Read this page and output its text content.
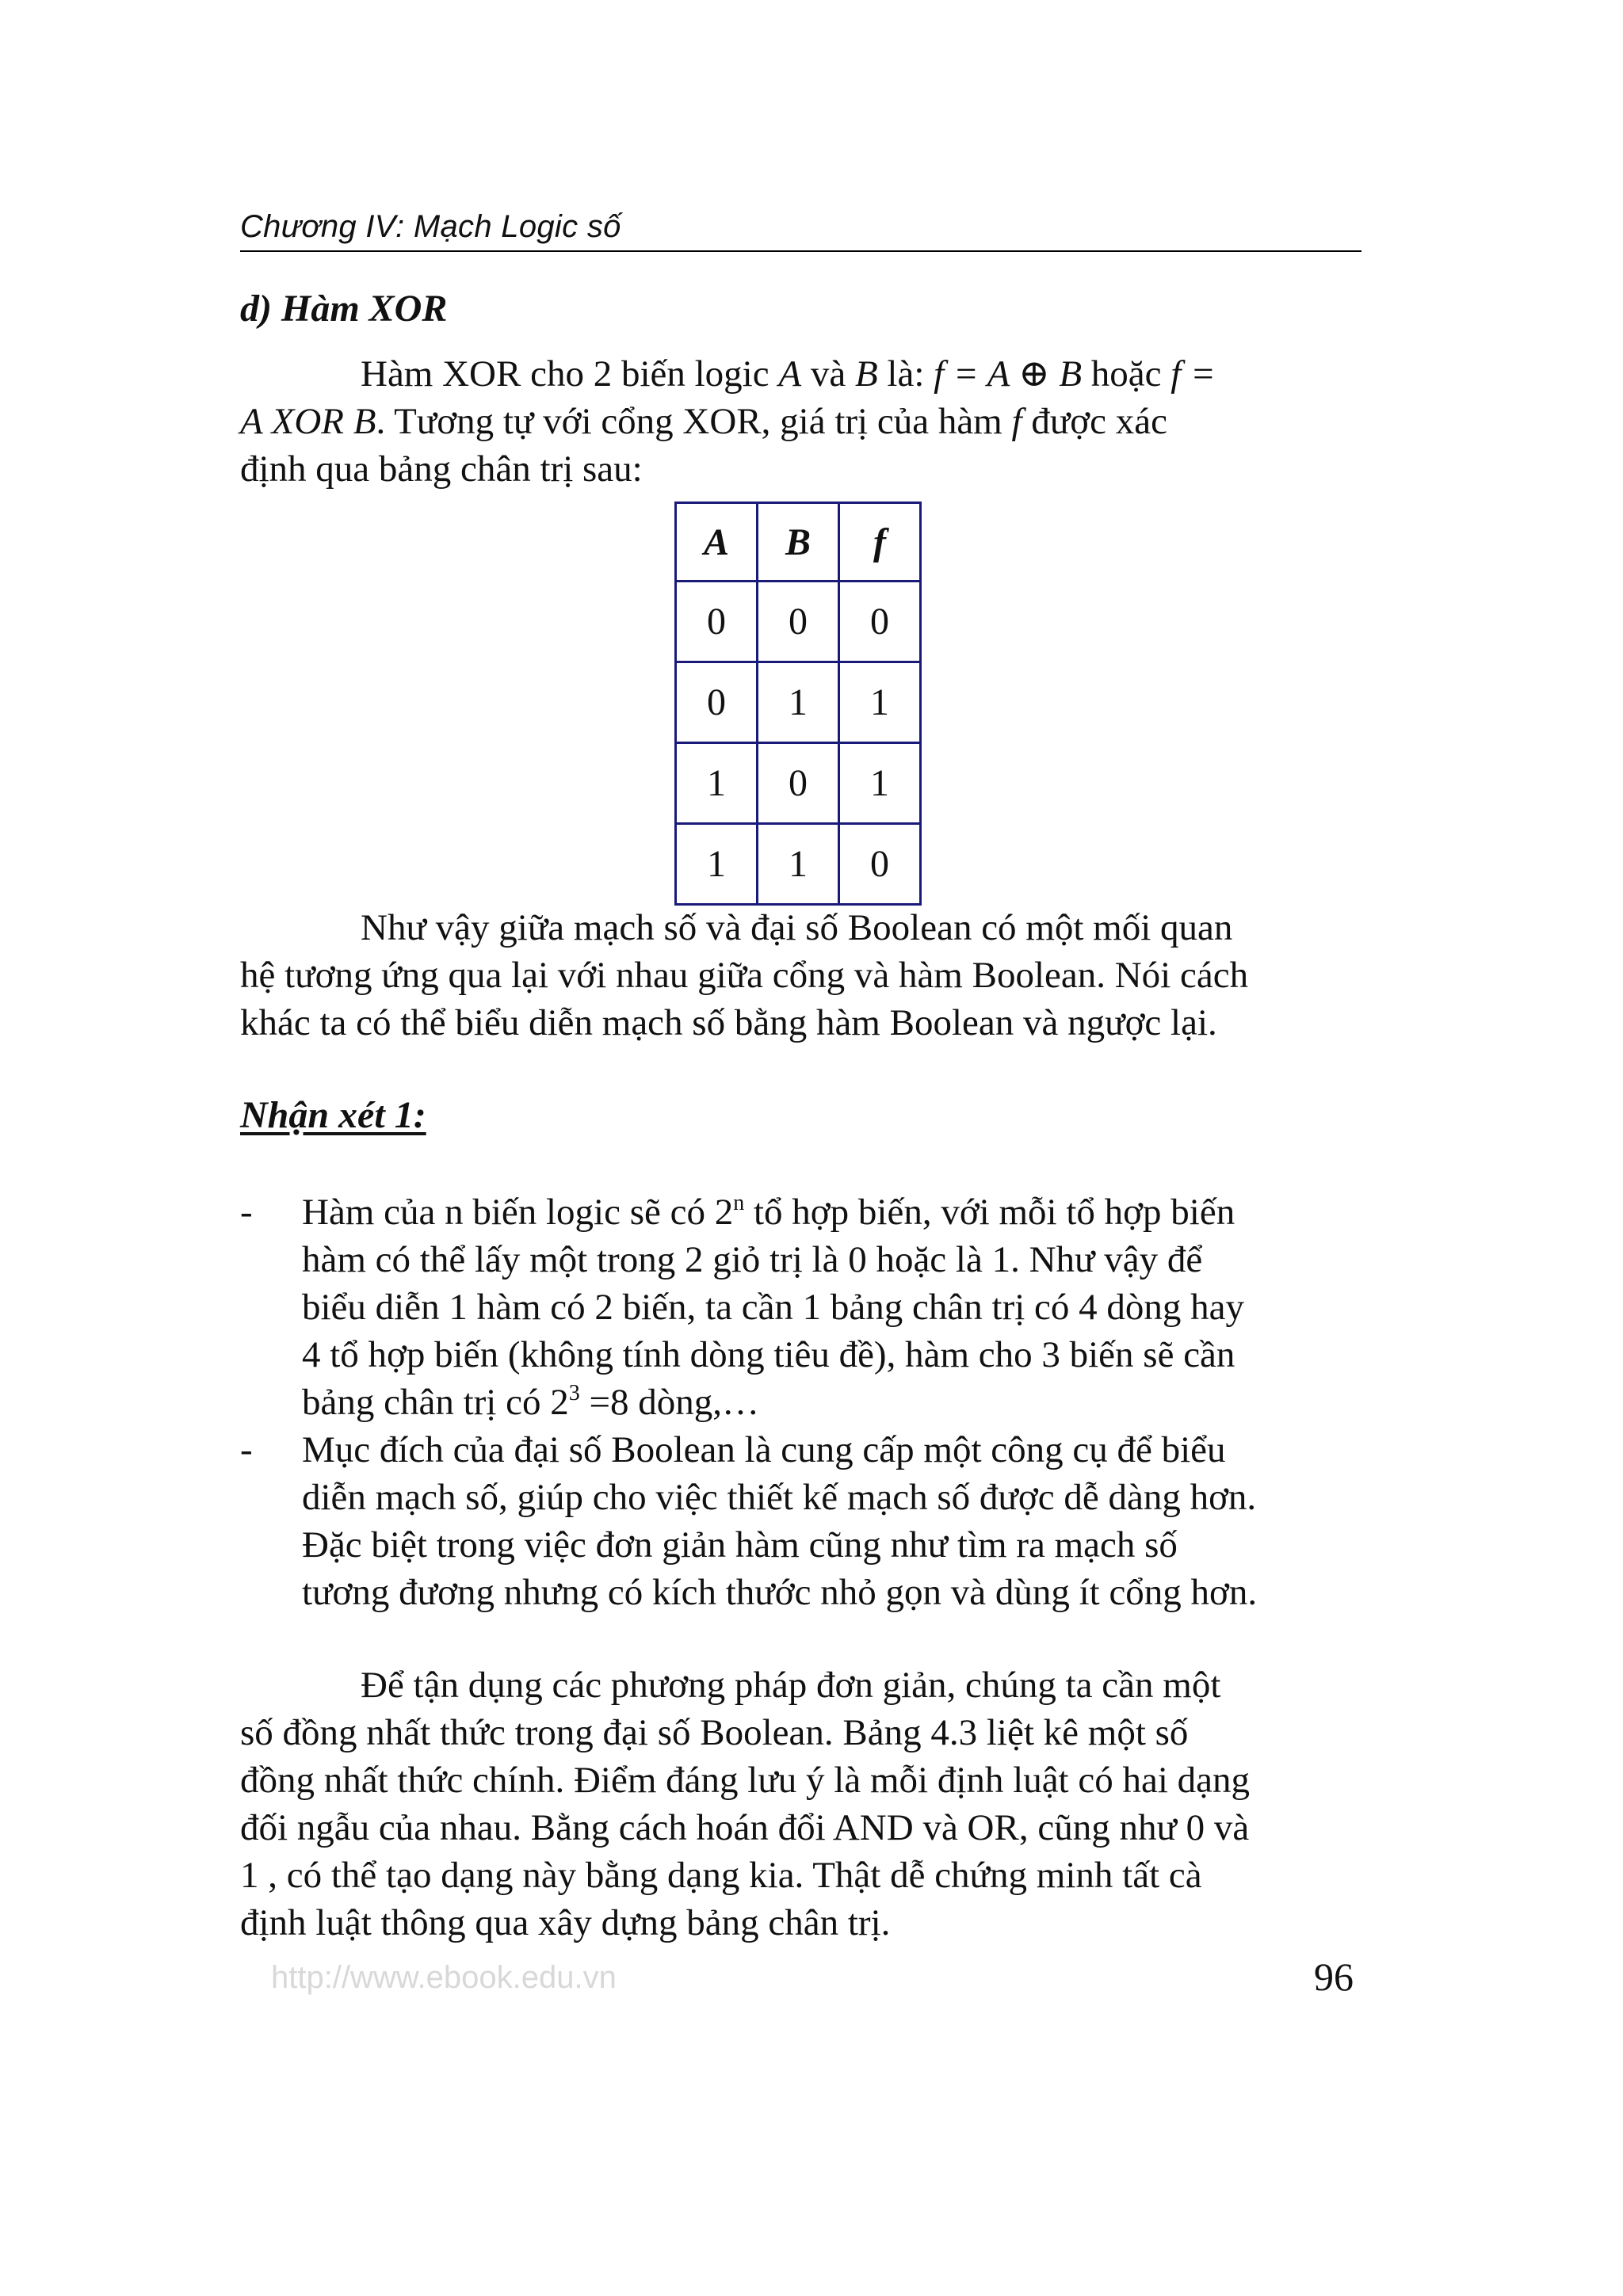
Chương IV: Mạch Logic số
d) Hàm XOR
Hàm XOR cho 2 biến logic A và B là: f = A ⊕ B hoặc f =
A XOR B. Tương tự với cổng XOR, giá trị của hàm f được xác
định qua bảng chân trị sau:
A	B	f
0	0	0
0	1	1
1	0	1
1	1	0
Như vậy giữa mạch số và đại số Boolean có một mối quan
hệ tương ứng qua lại với nhau giữa cổng và hàm Boolean. Nói cách
khác ta có thể biểu diễn mạch số bằng hàm Boolean và ngược lại.
Nhận xét 1:
- Hàm của n biến logic sẽ có 2$^n$ tổ hợp biến, với mỗi tổ hợp biến
hàm có thể lấy một trong 2 giỏ trị là 0 hoặc là 1. Như vậy để
biểu diễn 1 hàm có 2 biến, ta cần 1 bảng chân trị có 4 dòng hay
4 tổ hợp biến (không tính dòng tiêu đề), hàm cho 3 biến sẽ cần
bảng chân trị có $2^3 =8$ dòng,…
- Mục đích của đại số Boolean là cung cấp một công cụ để biểu
diễn mạch số, giúp cho việc thiết kế mạch số được dễ dàng hơn.
Đặc biệt trong việc đơn giản hàm cũng như tìm ra mạch số
tương đương nhưng có kích thước nhỏ gọn và dùng ít cổng hơn.
Để tận dụng các phương pháp đơn giản, chúng ta cần một
số đồng nhất thức trong đại số Boolean. Bảng 4.3 liệt kê một số
đồng nhất thức chính. Điểm đáng lưu ý là mỗi định luật có hai dạng
đối ngẫu của nhau. Bằng cách hoán đổi AND và OR, cũng như 0 và
1 , có thể tạo dạng này bằng dạng kia. Thật dễ chứng minh tất cà
định luật thông qua xây dựng bảng chân trị.
http://www.ebook.edu.vn	96
